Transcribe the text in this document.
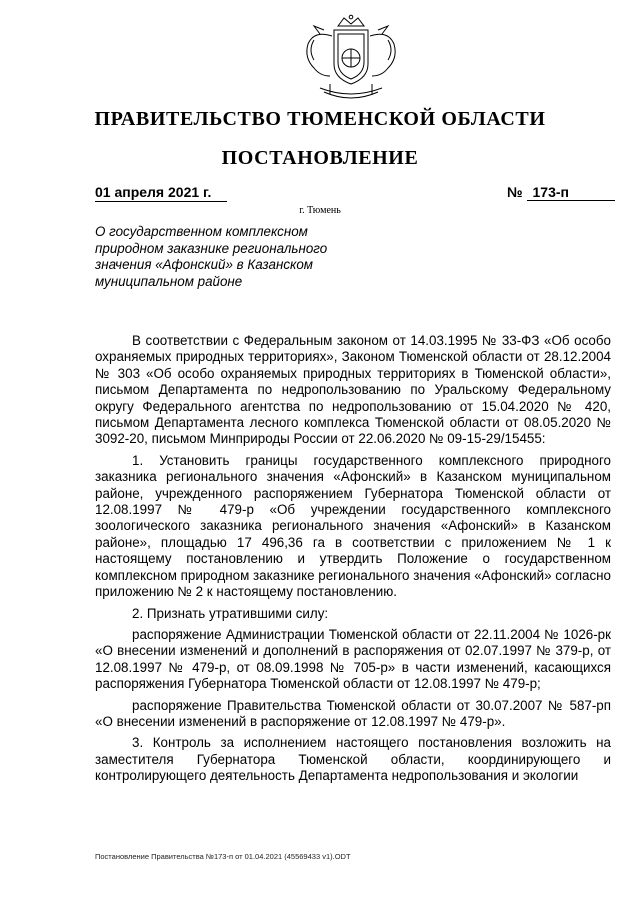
ПРАВИТЕЛЬСТВО ТЮМЕНСКОЙ ОБЛАСТИ
ПОСТАНОВЛЕНИЕ
01 апреля 2021 г.	№ 173-п
г. Тюмень
О государственном комплексном природном заказнике регионального значения «Афонский» в Казанском муниципальном районе

В соответствии с Федеральным законом от 14.03.1995 № 33-ФЗ «Об особо охраняемых природных территориях», Законом Тюменской области от 28.12.2004 № 303 «Об особо охраняемых природных территориях в Тюменской области», письмом Департамента по недропользованию по Уральскому Федеральному округу Федерального агентства по недропользованию от 15.04.2020 № 420, письмом Департамента лесного комплекса Тюменской области от 08.05.2020 № 3092-20, письмом Минприроды России от 22.06.2020 № 09-15-29/15455:

1. Установить границы государственного комплексного природного заказника регионального значения «Афонский» в Казанском муниципальном районе, учрежденного распоряжением Губернатора Тюменской области от 12.08.1997 № 479-р «Об учреждении государственного комплексного зоологического заказника регионального значения «Афонский» в Казанском районе», площадью 17 496,36 га в соответствии с приложением № 1 к настоящему постановлению и утвердить Положение о государственном комплексном природном заказнике регионального значения «Афонский» согласно приложению № 2 к настоящему постановлению.

2. Признать утратившими силу:

распоряжение Администрации Тюменской области от 22.11.2004 № 1026-рк «О внесении изменений и дополнений в распоряжения от 02.07.1997 № 379-р, от 12.08.1997 № 479-р, от 08.09.1998 № 705-р» в части изменений, касающихся распоряжения Губернатора Тюменской области от 12.08.1997 № 479-р;

распоряжение Правительства Тюменской области от 30.07.2007 № 587-рп «О внесении изменений в распоряжение от 12.08.1997 № 479-р».

3. Контроль за исполнением настоящего постановления возложить на заместителя Губернатора Тюменской области, координирующего и контролирующего деятельность Департамента недропользования и экологии

Постановление Правительства №173-п от 01.04.2021 (45569433 v1).ODT
